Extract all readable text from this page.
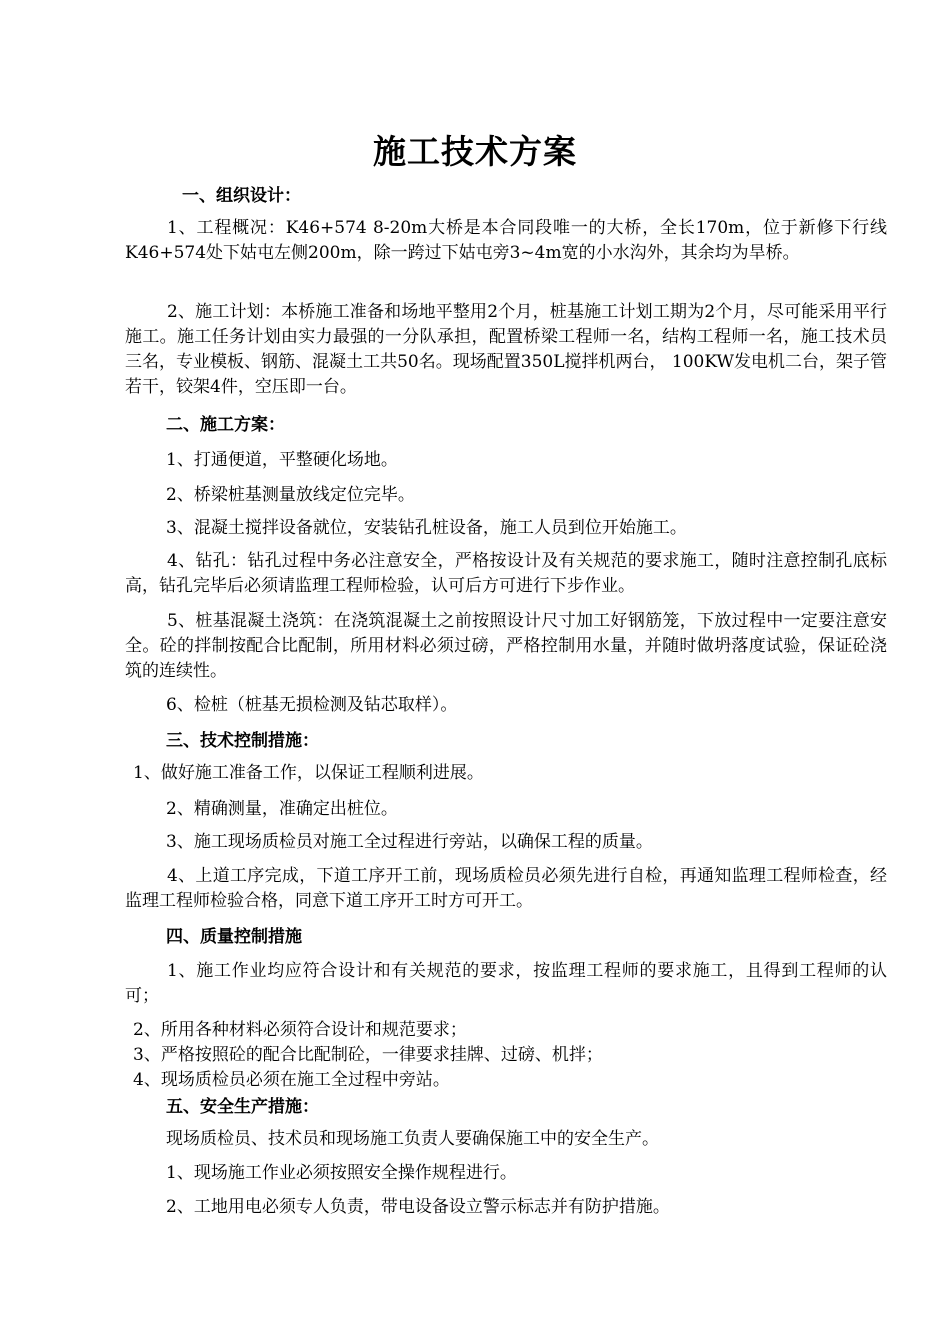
施工技术方案
一、组织设计：
1、工程概况：K46+574 8-20m大桥是本合同段唯一的大桥，全长170m，位于新修下行线K46+574处下姑屯左侧200m，除一跨过下姑屯旁3~4m宽的小水沟外，其余均为旱桥。
2、施工计划：本桥施工准备和场地平整用2个月，桩基施工计划工期为2个月，尽可能采用平行施工。施工任务计划由实力最强的一分队承担，配置桥梁工程师一名，结构工程师一名，施工技术员三名，专业模板、钢筋、混凝土工共50名。现场配置350L搅拌机两台， 100KW发电机二台，架子管若干，铰架4件，空压即一台。
二、施工方案：
1、打通便道，平整硬化场地。
2、桥梁桩基测量放线定位完毕。
3、混凝土搅拌设备就位，安装钻孔桩设备，施工人员到位开始施工。
4、钻孔：钻孔过程中务必注意安全，严格按设计及有关规范的要求施工，随时注意控制孔底标高，钻孔完毕后必须请监理工程师检验，认可后方可进行下步作业。
5、桩基混凝土浇筑：在浇筑混凝土之前按照设计尺寸加工好钢筋笼，下放过程中一定要注意安全。砼的拌制按配合比配制，所用材料必须过磅，严格控制用水量，并随时做坍落度试验，保证砼浇筑的连续性。
6、检桩（桩基无损检测及钻芯取样）。
三、技术控制措施：
1、做好施工准备工作，以保证工程顺利进展。
2、精确测量，准确定出桩位。
3、施工现场质检员对施工全过程进行旁站，以确保工程的质量。
4、上道工序完成，下道工序开工前，现场质检员必须先进行自检，再通知监理工程师检查，经监理工程师检验合格，同意下道工序开工时方可开工。
四、质量控制措施
1、施工作业均应符合设计和有关规范的要求，按监理工程师的要求施工，且得到工程师的认可；
2、所用各种材料必须符合设计和规范要求；
3、严格按照砼的配合比配制砼，一律要求挂牌、过磅、机拌；
4、现场质检员必须在施工全过程中旁站。
五、安全生产措施：
现场质检员、技术员和现场施工负责人要确保施工中的安全生产。
1、现场施工作业必须按照安全操作规程进行。
2、工地用电必须专人负责，带电设备设立警示标志并有防护措施。
